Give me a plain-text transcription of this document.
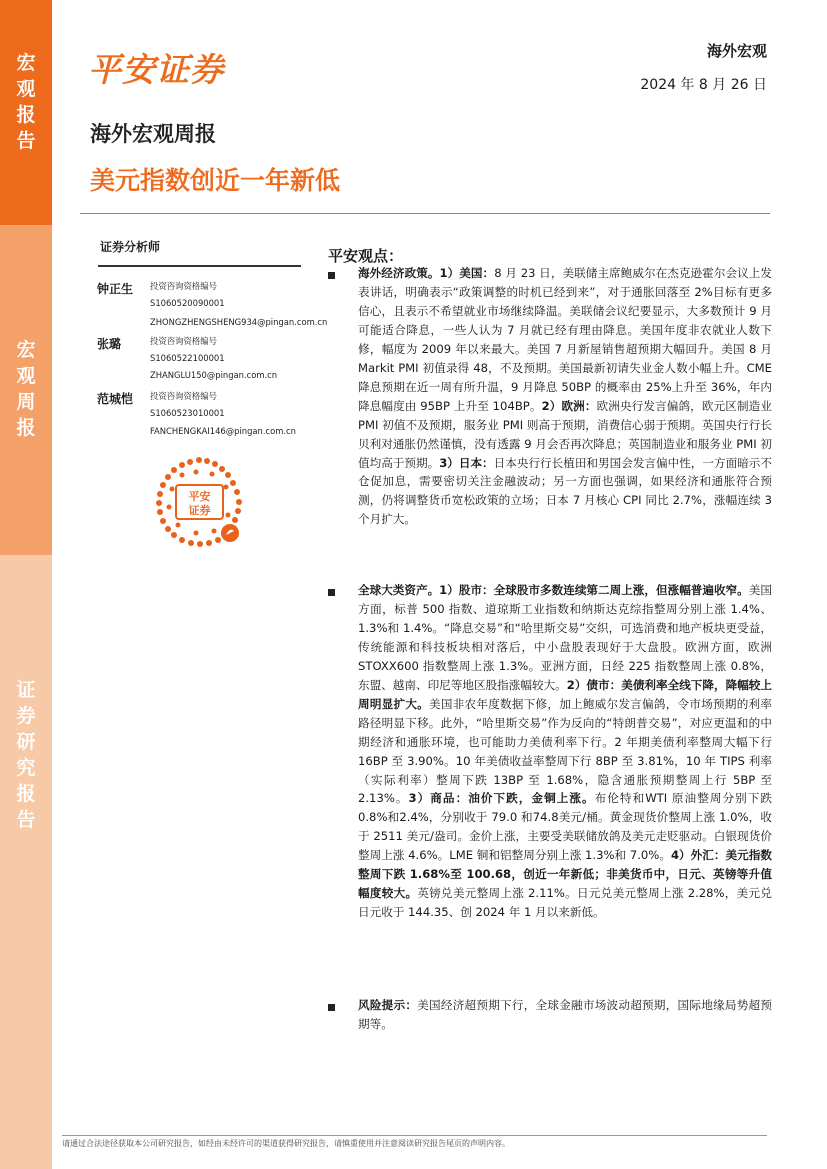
宏
观
报
告
宏
观
周
报
证
券
研
究
报
告
平安证券	海外宏观
2024 年 8 月 26 日
海外宏观周报
美元指数创近一年新低
证券分析师
钟正生 投资咨询资格编号
S1060520090001
ZHONGZHENGSHENG934@pingan.com.cn
张璐	投资咨询资格编号
S1060522100001
ZHANGLU150@pingan.com.cn
范城恺 投资咨询资格编号
S1060523010001
FANCHENGKAI146@pingan.com.cn
平安
证券
平安观点：
海外经济政策。1）美国：8 月 23 日，美联储主席鲍威尔在杰克逊霍尔会议上发表讲话，明确表示“政策调整的时机已经到来”，对于通胀回落至 2%目标有更多信心，且表示不希望就业市场继续降温。美联储会议纪要显示，大多数预计 9 月可能适合降息，一些人认为 7 月就已经有理由降息。美国年度非农就业人数下修，幅度为 2009 年以来最大。美国 7 月新屋销售超预期大幅回升。美国 8 月 Markit PMI 初值录得 48，不及预期。美国最新初请失业金人数小幅上升。CME 降息预期在近一周有所升温，9 月降息 50BP 的概率由 25%上升至 36%，年内降息幅度由 95BP 上升至 104BP。2）欧洲：欧洲央行发言偏鸽，欧元区制造业 PMI 初值不及预期，服务业 PMI 则高于预期，消费信心弱于预期。英国央行行长贝利对通胀仍然谨慎，没有透露 9 月会否再次降息；英国制造业和服务业 PMI 初值均高于预期。3）日本：日本央行行长植田和男国会发言偏中性，一方面暗示不仓促加息，需要密切关注金融波动；另一方面也强调，如果经济和通胀符合预测，仍将调整货币宽松政策的立场；日本 7 月核心 CPI 同比 2.7%，涨幅连续 3 个月扩大。
全球大类资产。1）股市：全球股市多数连续第二周上涨，但涨幅普遍收窄。美国方面，标普 500 指数、道琼斯工业指数和纳斯达克综指整周分别上涨 1.4%、1.3%和 1.4%。“降息交易”和“哈里斯交易”交织，可选消费和地产板块更受益，传统能源和科技板块相对落后，中小盘股表现好于大盘股。欧洲方面，欧洲 STOXX600 指数整周上涨 1.3%。亚洲方面，日经 225 指数整周上涨 0.8%，东盟、越南、印尼等地区股指涨幅较大。2）债市：美债利率全线下降，降幅较上周明显扩大。美国非农年度数据下修，加上鲍威尔发言偏鸽，令市场预期的利率路径明显下移。此外，“哈里斯交易”作为反向的“特朗普交易”，对应更温和的中期经济和通胀环境，也可能助力美债利率下行。2 年期美债利率整周大幅下行 16BP 至 3.90%。10 年美债收益率整周下行 8BP 至 3.81%，10 年 TIPS 利率（实际利率）整周下跌 13BP 至 1.68%，隐含通胀预期整周上行 5BP 至 2.13%。3）商品：油价下跌，金铜上涨。布伦特和WTI 原油整周分别下跌 0.8%和2.4%，分别收于 79.0 和74.8美元/桶。黄金现货价整周上涨 1.0%，收于 2511 美元/盎司。金价上涨，主要受美联储放鸽及美元走贬驱动。白银现货价整周上涨 4.6%。LME 铜和铝整周分别上涨 1.3%和 7.0%。4）外汇：美元指数整周下跌 1.68%至 100.68，创近一年新低；非美货币中，日元、英镑等升值幅度较大。英镑兑美元整周上涨 2.11%。日元兑美元整周上涨 2.28%，美元兑日元收于 144.35、创 2024 年 1 月以来新低。
风险提示：美国经济超预期下行，全球金融市场波动超预期，国际地缘局势超预期等。
请通过合法途径获取本公司研究报告，如经由未经许可的渠道获得研究报告，请慎重使用并注意阅读研究报告尾页的声明内容。
